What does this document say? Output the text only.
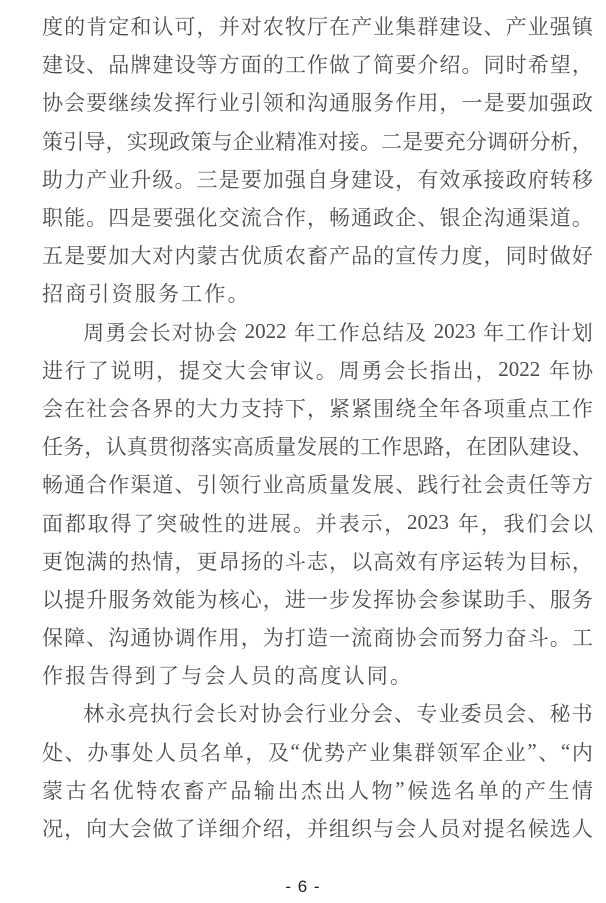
度 的 肯 定 和 认 可 ， 并 对 农 牧 厅 在 产 业 集 群 建 设 、 产 业 强 镇
建 设 、 品 牌 建 设 等 方 面 的 工 作 做 了 简 要 介 绍 。 同 时 希 望 ，
协 会 要 继 续 发 挥 行 业 引 领 和 沟 通 服 务 作 用 ， 一 是 要 加 强 政
策 引 导 ， 实 现 政 策 与 企 业 精 准 对 接 。 二 是 要 充 分 调 研 分 析 ，
助 力 产 业 升 级 。 三 是 要 加 强 自 身 建 设 ， 有 效 承 接 政 府 转 移
职 能 。 四 是 要 强 化 交 流 合 作 ， 畅 通 政 企 、 银 企 沟 通 渠 道 。
五 是 要 加 大 对 内 蒙 古 优 质 农 畜 产 品 的 宣 传 力 度 ， 同 时 做 好
招商引资服务工作。
周 勇 会 长 对 协 会
2022
年 工 作 总 结 及
2023
年 工 作 计 划
进 行 了 说 明 ， 提 交 大 会 审 议 。 周 勇 会 长 指 出 ， 2022
年 协
会 在 社 会 各 界 的 大 力 支 持 下 ， 紧 紧 围 绕 全 年 各 项 重 点 工 作
任 务 ， 认 真 贯 彻 落 实 高 质 量 发 展 的 工 作 思 路 ， 在 团 队 建 设 、
畅 通 合 作 渠 道 、 引 领 行 业 高 质 量 发 展 、 践 行 社 会 责 任 等 方
面 都 取 得 了 突 破 性 的 进 展 。 并 表 示 ， 2023
年 ， 我 们 会 以
更 饱 满 的 热 情 ， 更 昂 扬 的 斗 志 ， 以 高 效 有 序 运 转 为 目 标 ，
以 提 升 服 务 效 能 为 核 心 ， 进 一 步 发 挥 协 会 参 谋 助 手 、 服 务
保 障 、 沟 通 协 调 作 用 ， 为 打 造 一 流 商 协 会 而 努 力 奋 斗 。 工
作报告得到了与会人员的高度认同。
林 永 亮 执 行 会 长 对 协 会 行 业 分 会 、 专 业 委 员 会 、 秘 书
处 、 办 事 处 人 员 名 单 ， 及 “ 优 势 产 业 集 群 领 军 企 业 ” 、 “ 内
蒙 古 名 优 特 农 畜 产 品 输 出 杰 出 人 物 ” 候 选 名 单 的 产 生 情
况 ， 向 大 会 做 了 详 细 介 绍 ， 并 组 织 与 会 人 员 对 提 名 候 选 人
- 6 -
